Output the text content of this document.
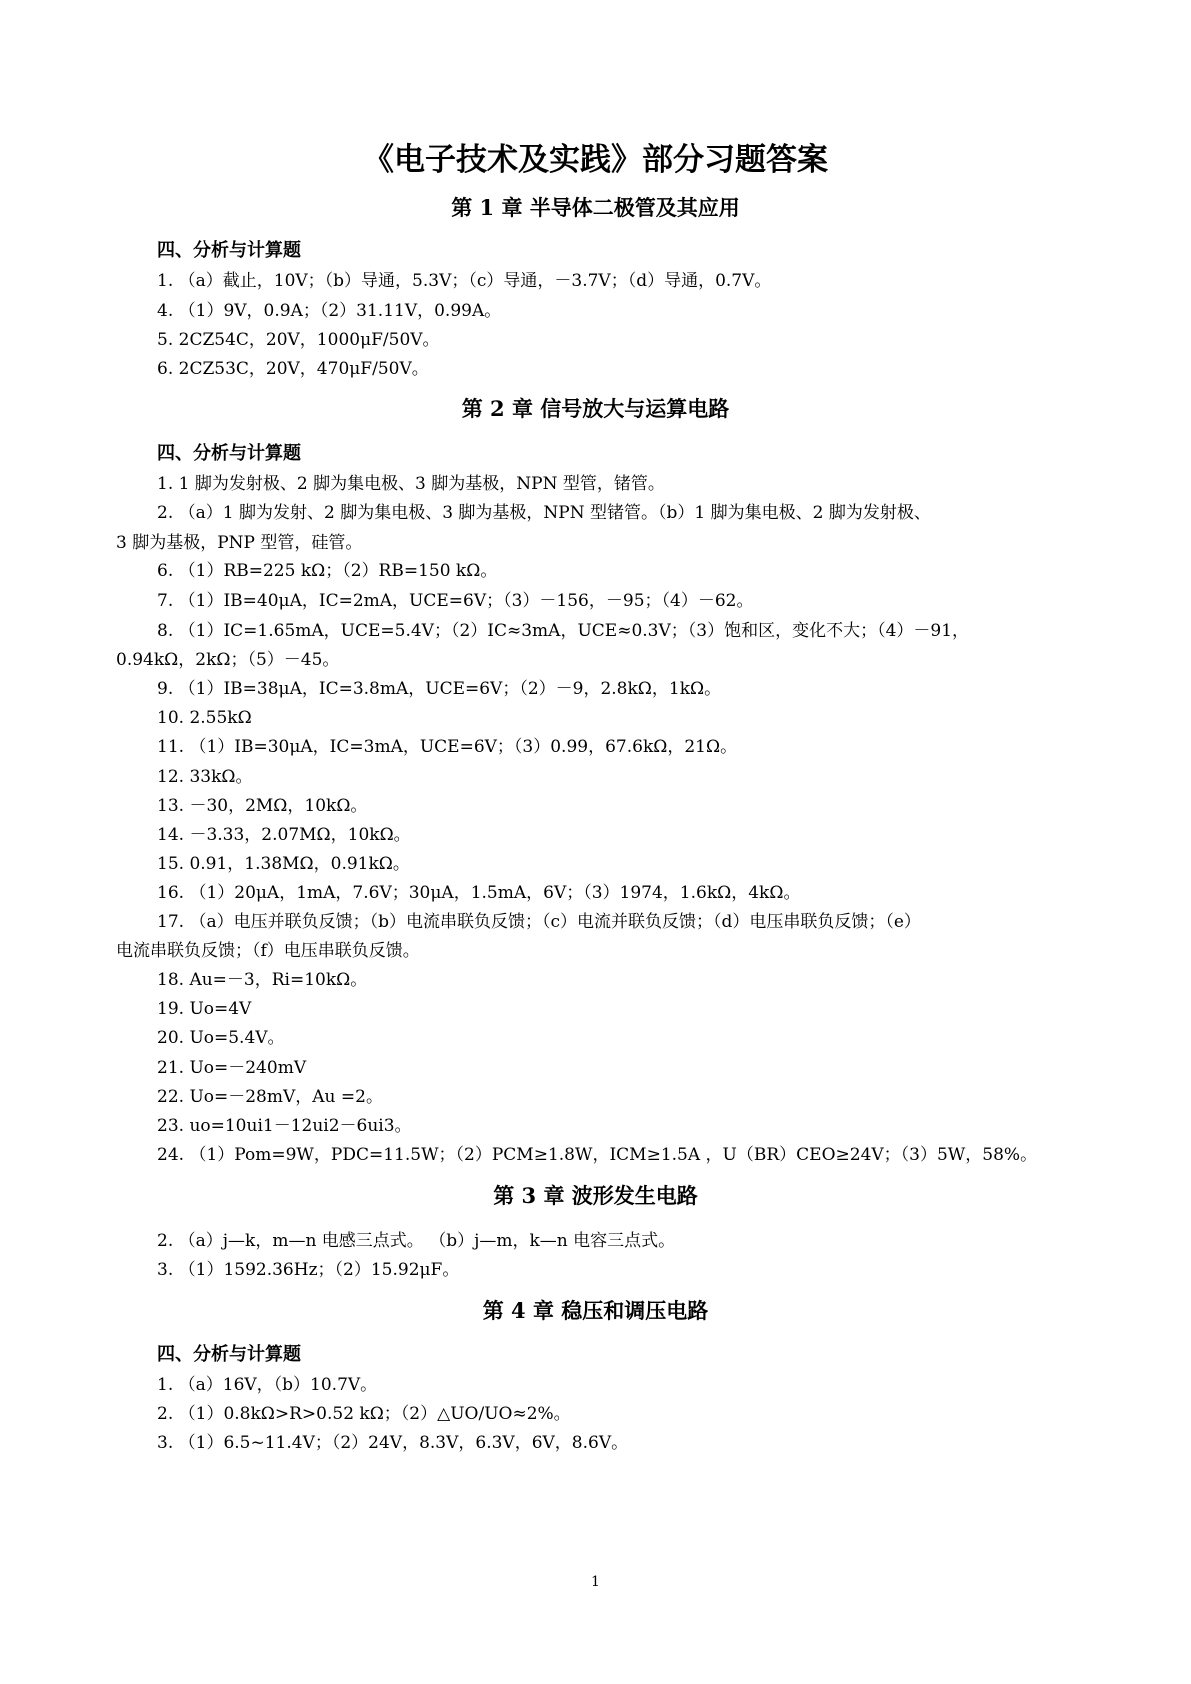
《电子技术及实践》部分习题答案
第 1 章 半导体二极管及其应用
四、分析与计算题
1. （a）截止，10V；（b）导通，5.3V；（c）导通，－3.7V；（d）导通，0.7V。
4. （1）9V，0.9A；（2）31.11V，0.99A。
5. 2CZ54C，20V，1000μF/50V。
6. 2CZ53C，20V，470μF/50V。
第 2 章 信号放大与运算电路
四、分析与计算题
1. 1 脚为发射极、2 脚为集电极、3 脚为基极，NPN 型管，锗管。
2. （a）1 脚为发射、2 脚为集电极、3 脚为基极，NPN 型锗管。（b）1 脚为集电极、2 脚为发射极、
3 脚为基极，PNP 型管，硅管。
6. （1）RB=225 kΩ；（2）RB=150 kΩ。
7. （1）IB=40μA，IC=2mA，UCE=6V；（3）－156，－95；（4）－62。
8. （1）IC=1.65mA，UCE=5.4V；（2）IC≈3mA，UCE≈0.3V；（3）饱和区，变化不大；（4）－91，
0.94kΩ，2kΩ；（5）－45。
9. （1）IB=38μA，IC=3.8mA，UCE=6V；（2）－9，2.8kΩ，1kΩ。
10. 2.55kΩ
11. （1）IB=30μA，IC=3mA，UCE=6V；（3）0.99，67.6kΩ，21Ω。
12. 33kΩ。
13. －30，2MΩ，10kΩ。
14. －3.33，2.07MΩ，10kΩ。
15. 0.91，1.38MΩ，0.91kΩ。
16. （1）20μA，1mA，7.6V；30μA，1.5mA，6V；（3）1974，1.6kΩ，4kΩ。
17. （a）电压并联负反馈；（b）电流串联负反馈；（c）电流并联负反馈；（d）电压串联负反馈；（e）
电流串联负反馈；（f）电压串联负反馈。
18. Au=－3，Ri=10kΩ。
19. Uo=4V
20. Uo=5.4V。
21. Uo=－240mV
22. Uo=－28mV，Au =2。
23. uo=10ui1－12ui2－6ui3。
24. （1）Pom=9W，PDC=11.5W；（2）PCM≥1.8W，ICM≥1.5A ，U（BR）CEO≥24V；（3）5W，58%。
第 3 章 波形发生电路
2. （a）j—k，m—n 电感三点式。 （b）j—m，k—n 电容三点式。
3. （1）1592.36Hz；（2）15.92μF。
第 4 章 稳压和调压电路
四、分析与计算题
1. （a）16V，（b）10.7V。
2. （1）0.8kΩ>R>0.52 kΩ；（2）△UO/UO≈2%。
3. （1）6.5~11.4V；（2）24V，8.3V，6.3V，6V，8.6V。
1
